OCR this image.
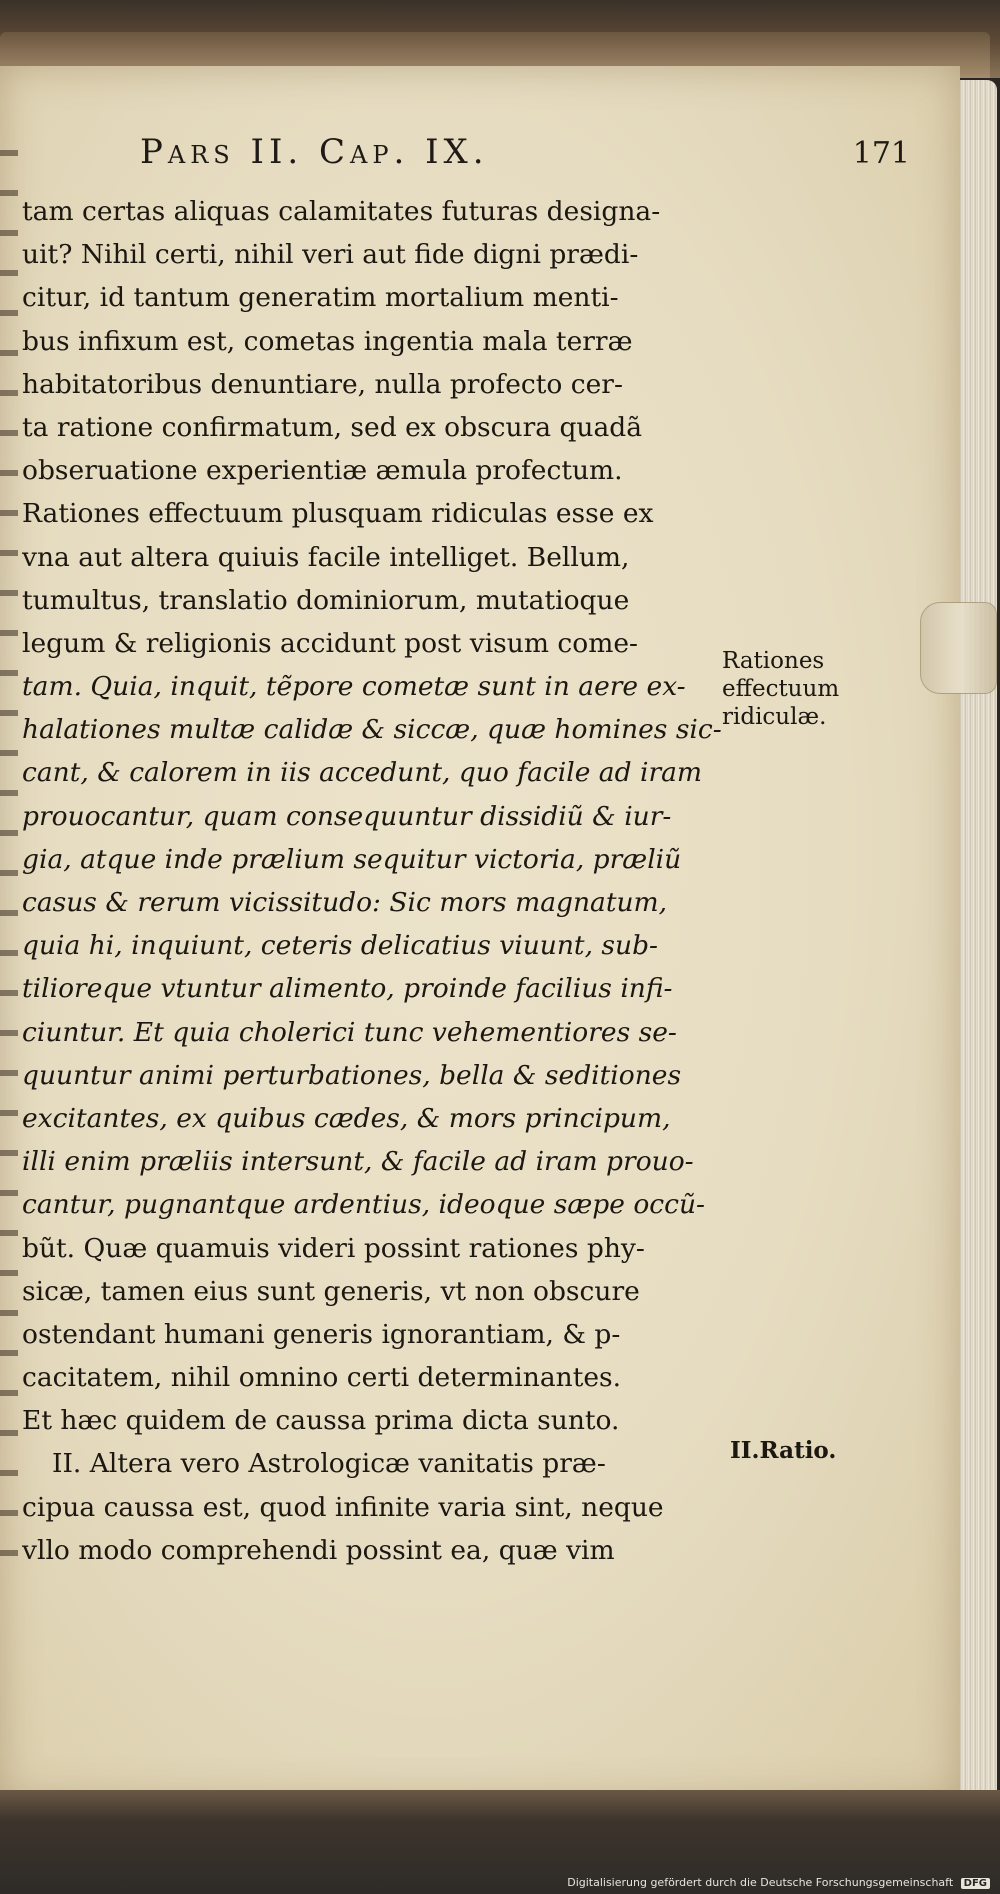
Pars II. Cap. IX.	171
tam certas aliquas calamitates futuras designa-
uit? Nihil certi, nihil veri aut fide digni prædi-
citur, id tantum generatim mortalium menti-
bus infixum est, cometas ingentia mala terræ
habitatoribus denuntiare, nulla profecto cer-
ta ratione confirmatum, sed ex obscura quadã
obseruatione experientiæ æmula profectum.
Rationes effectuum plusquam ridiculas esse ex
vna aut altera quiuis facile intelliget. Bellum,
tumultus, translatio dominiorum, mutatioque
legum & religionis accidunt post visum come-
tam. Quia, inquit, tẽpore cometæ sunt in aere ex-
halationes multæ calidæ & siccæ, quæ homines sic-
cant, & calorem in iis accedunt, quo facile ad iram
prouocantur, quam consequuntur dissidiũ & iur-
gia, atque inde prælium sequitur victoria, præliũ
casus & rerum vicissitudo: Sic mors magnatum,
quia hi, inquiunt, ceteris delicatius viuunt, sub-
tilioreque vtuntur alimento, proinde facilius infi-
ciuntur. Et quia cholerici tunc vehementiores se-
quuntur animi perturbationes, bella & seditiones
excitantes, ex quibus cædes, & mors principum,
illi enim præliis intersunt, & facile ad iram prouo-
cantur, pugnantque ardentius, ideoque sæpe occũ-
bũt. Quæ quamuis videri possint rationes phy-
sicæ, tamen eius sunt generis, vt non obscure
ostendant humani generis ignorantiam, & p-
cacitatem, nihil omnino certi determinantes.
Et hæc quidem de caussa prima dicta sunto.
II. Altera vero Astrologicæ vanitatis præ-
cipua caussa est, quod infinite varia sint, neque
vllo modo comprehendi possint ea, quæ vim
Rationes effectuum ridiculæ.
II.Ratio.
Digitalisierung gefördert durch die Deutsche Forschungsgemeinschaft DFG
